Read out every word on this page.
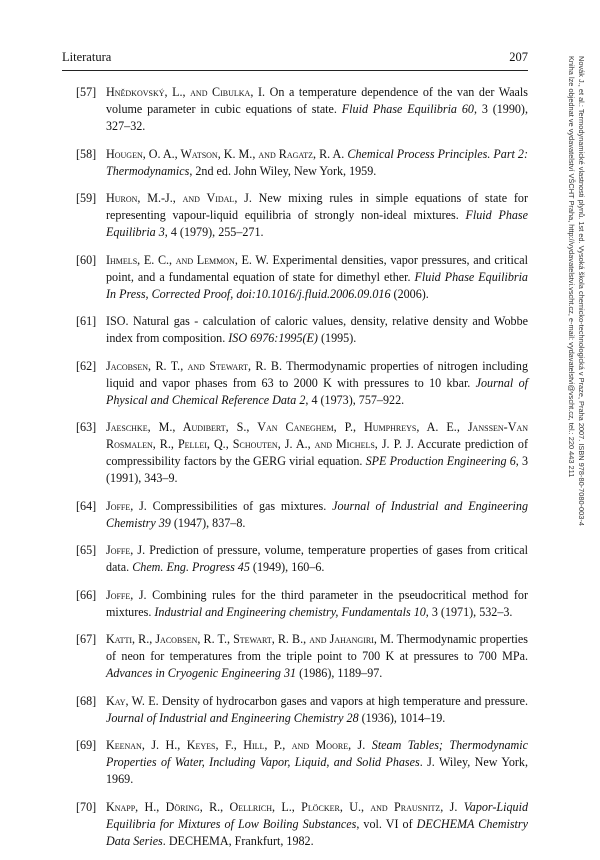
Literatura	207
[57] Hnědkovský, L., and Cibulka, I. On a temperature dependence of the van der Waals volume parameter in cubic equations of state. Fluid Phase Equilibria 60, 3 (1990), 327–32.
[58] Hougen, O. A., Watson, K. M., and Ragatz, R. A. Chemical Process Principles. Part 2: Thermodynamics, 2nd ed. John Wiley, New York, 1959.
[59] Huron, M.-J., and Vidal, J. New mixing rules in simple equations of state for representing vapour-liquid equilibria of strongly non-ideal mixtures. Fluid Phase Equilibria 3, 4 (1979), 255–271.
[60] Ihmels, E. C., and Lemmon, E. W. Experimental densities, vapor pressures, and critical point, and a fundamental equation of state for dimethyl ether. Fluid Phase Equilibria In Press, Corrected Proof, doi:10.1016/j.fluid.2006.09.016 (2006).
[61] ISO. Natural gas - calculation of caloric values, density, relative density and Wobbe index from composition. ISO 6976:1995(E) (1995).
[62] Jacobsen, R. T., and Stewart, R. B. Thermodynamic properties of nitrogen including liquid and vapor phases from 63 to 2000 K with pressures to 10 kbar. Journal of Physical and Chemical Reference Data 2, 4 (1973), 757–922.
[63] Jaeschke, M., Audibert, S., Van Caneghem, P., Humphreys, A. E., Janssen-Van Rosmalen, R., Pellei, Q., Schouten, J. A., and Michels, J. P. J. Accurate prediction of compressibility factors by the GERG virial equation. SPE Production Engineering 6, 3 (1991), 343–9.
[64] Joffe, J. Compressibilities of gas mixtures. Journal of Industrial and Engineering Chemistry 39 (1947), 837–8.
[65] Joffe, J. Prediction of pressure, volume, temperature properties of gases from critical data. Chem. Eng. Progress 45 (1949), 160–6.
[66] Joffe, J. Combining rules for the third parameter in the pseudocritical method for mixtures. Industrial and Engineering chemistry, Fundamentals 10, 3 (1971), 532–3.
[67] Katti, R., Jacobsen, R. T., Stewart, R. B., and Jahangiri, M. Thermodynamic properties of neon for temperatures from the triple point to 700 K at pressures to 700 MPa. Advances in Cryogenic Engineering 31 (1986), 1189–97.
[68] Kay, W. E. Density of hydrocarbon gases and vapors at high temperature and pressure. Journal of Industrial and Engineering Chemistry 28 (1936), 1014–19.
[69] Keenan, J. H., Keyes, F., Hill, P., and Moore, J. Steam Tables; Thermodynamic Properties of Water, Including Vapor, Liquid, and Solid Phases. J. Wiley, New York, 1969.
[70] Knapp, H., Döring, R., Oellrich, L., Plöcker, U., and Prausnitz, J. Vapor-Liquid Equilibria for Mixtures of Low Boiling Substances, vol. VI of DECHEMA Chemistry Data Series. DECHEMA, Frankfurt, 1982.
Novák J., et al.: Termodynamické vlastnosti plynů. 1st ed. Vysoká škola chemicko-technologická v Praze, Praha 2007. ISBN 978-80-7080-003-4
Kniha lze objednat ve vydavatelství VŠCHT Praha, http://vydavatelstvi.vscht.cz, e-mail: vydavatelstvi@vscht.cz, tel.: 220 443 211
